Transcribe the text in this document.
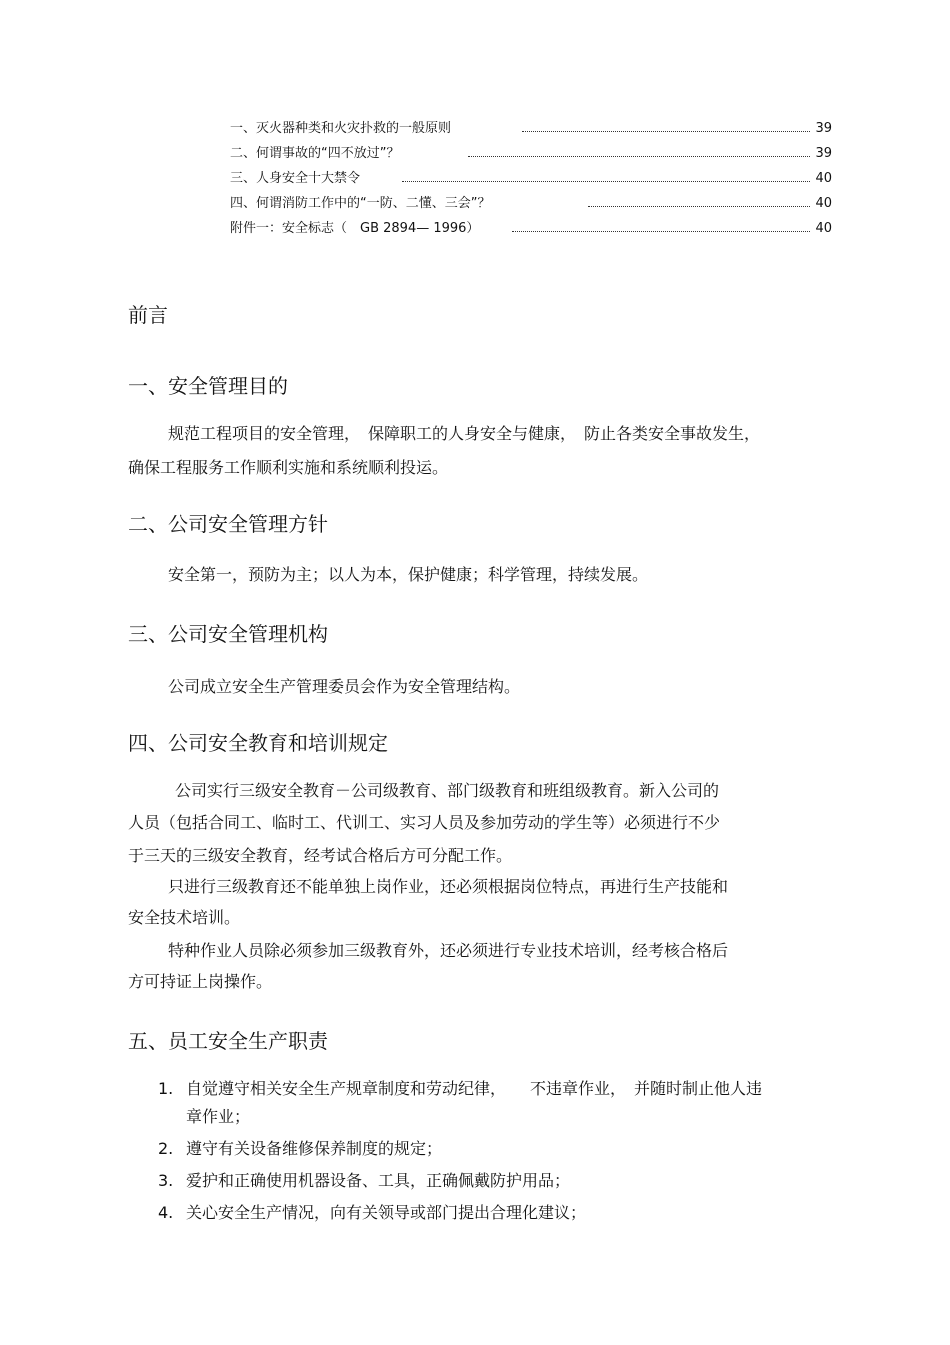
一、灭火器种类和火灾扑救的一般原则	39
二、何谓事故的“四不放过”？	39
三、人身安全十大禁令	40
四、何谓消防工作中的“一防、二懂、三会”？	40
附件一：安全标志（　GB 2894— 1996）	40
前言
一、安全管理目的
规范工程项目的安全管理，　保障职工的人身安全与健康，　防止各类安全事故发生，
确保工程服务工作顺利实施和系统顺利投运。
二、公司安全管理方针
安全第一，预防为主；以人为本，保护健康；科学管理，持续发展。
三、公司安全管理机构
公司成立安全生产管理委员会作为安全管理结构。
四、公司安全教育和培训规定
公司实行三级安全教育－公司级教育、部门级教育和班组级教育。新入公司的
人员（包括合同工、临时工、代训工、实习人员及参加劳动的学生等）必须进行不少
于三天的三级安全教育，经考试合格后方可分配工作。
只进行三级教育还不能单独上岗作业，还必须根据岗位特点，再进行生产技能和
安全技术培训。
特种作业人员除必须参加三级教育外，还必须进行专业技术培训，经考核合格后
方可持证上岗操作。
五、员工安全生产职责
1. 自觉遵守相关安全生产规章制度和劳动纪律，　　不违章作业，　并随时制止他人违
章作业；
2. 遵守有关设备维修保养制度的规定；
3. 爱护和正确使用机器设备、工具，正确佩戴防护用品；
4. 关心安全生产情况，向有关领导或部门提出合理化建议；
